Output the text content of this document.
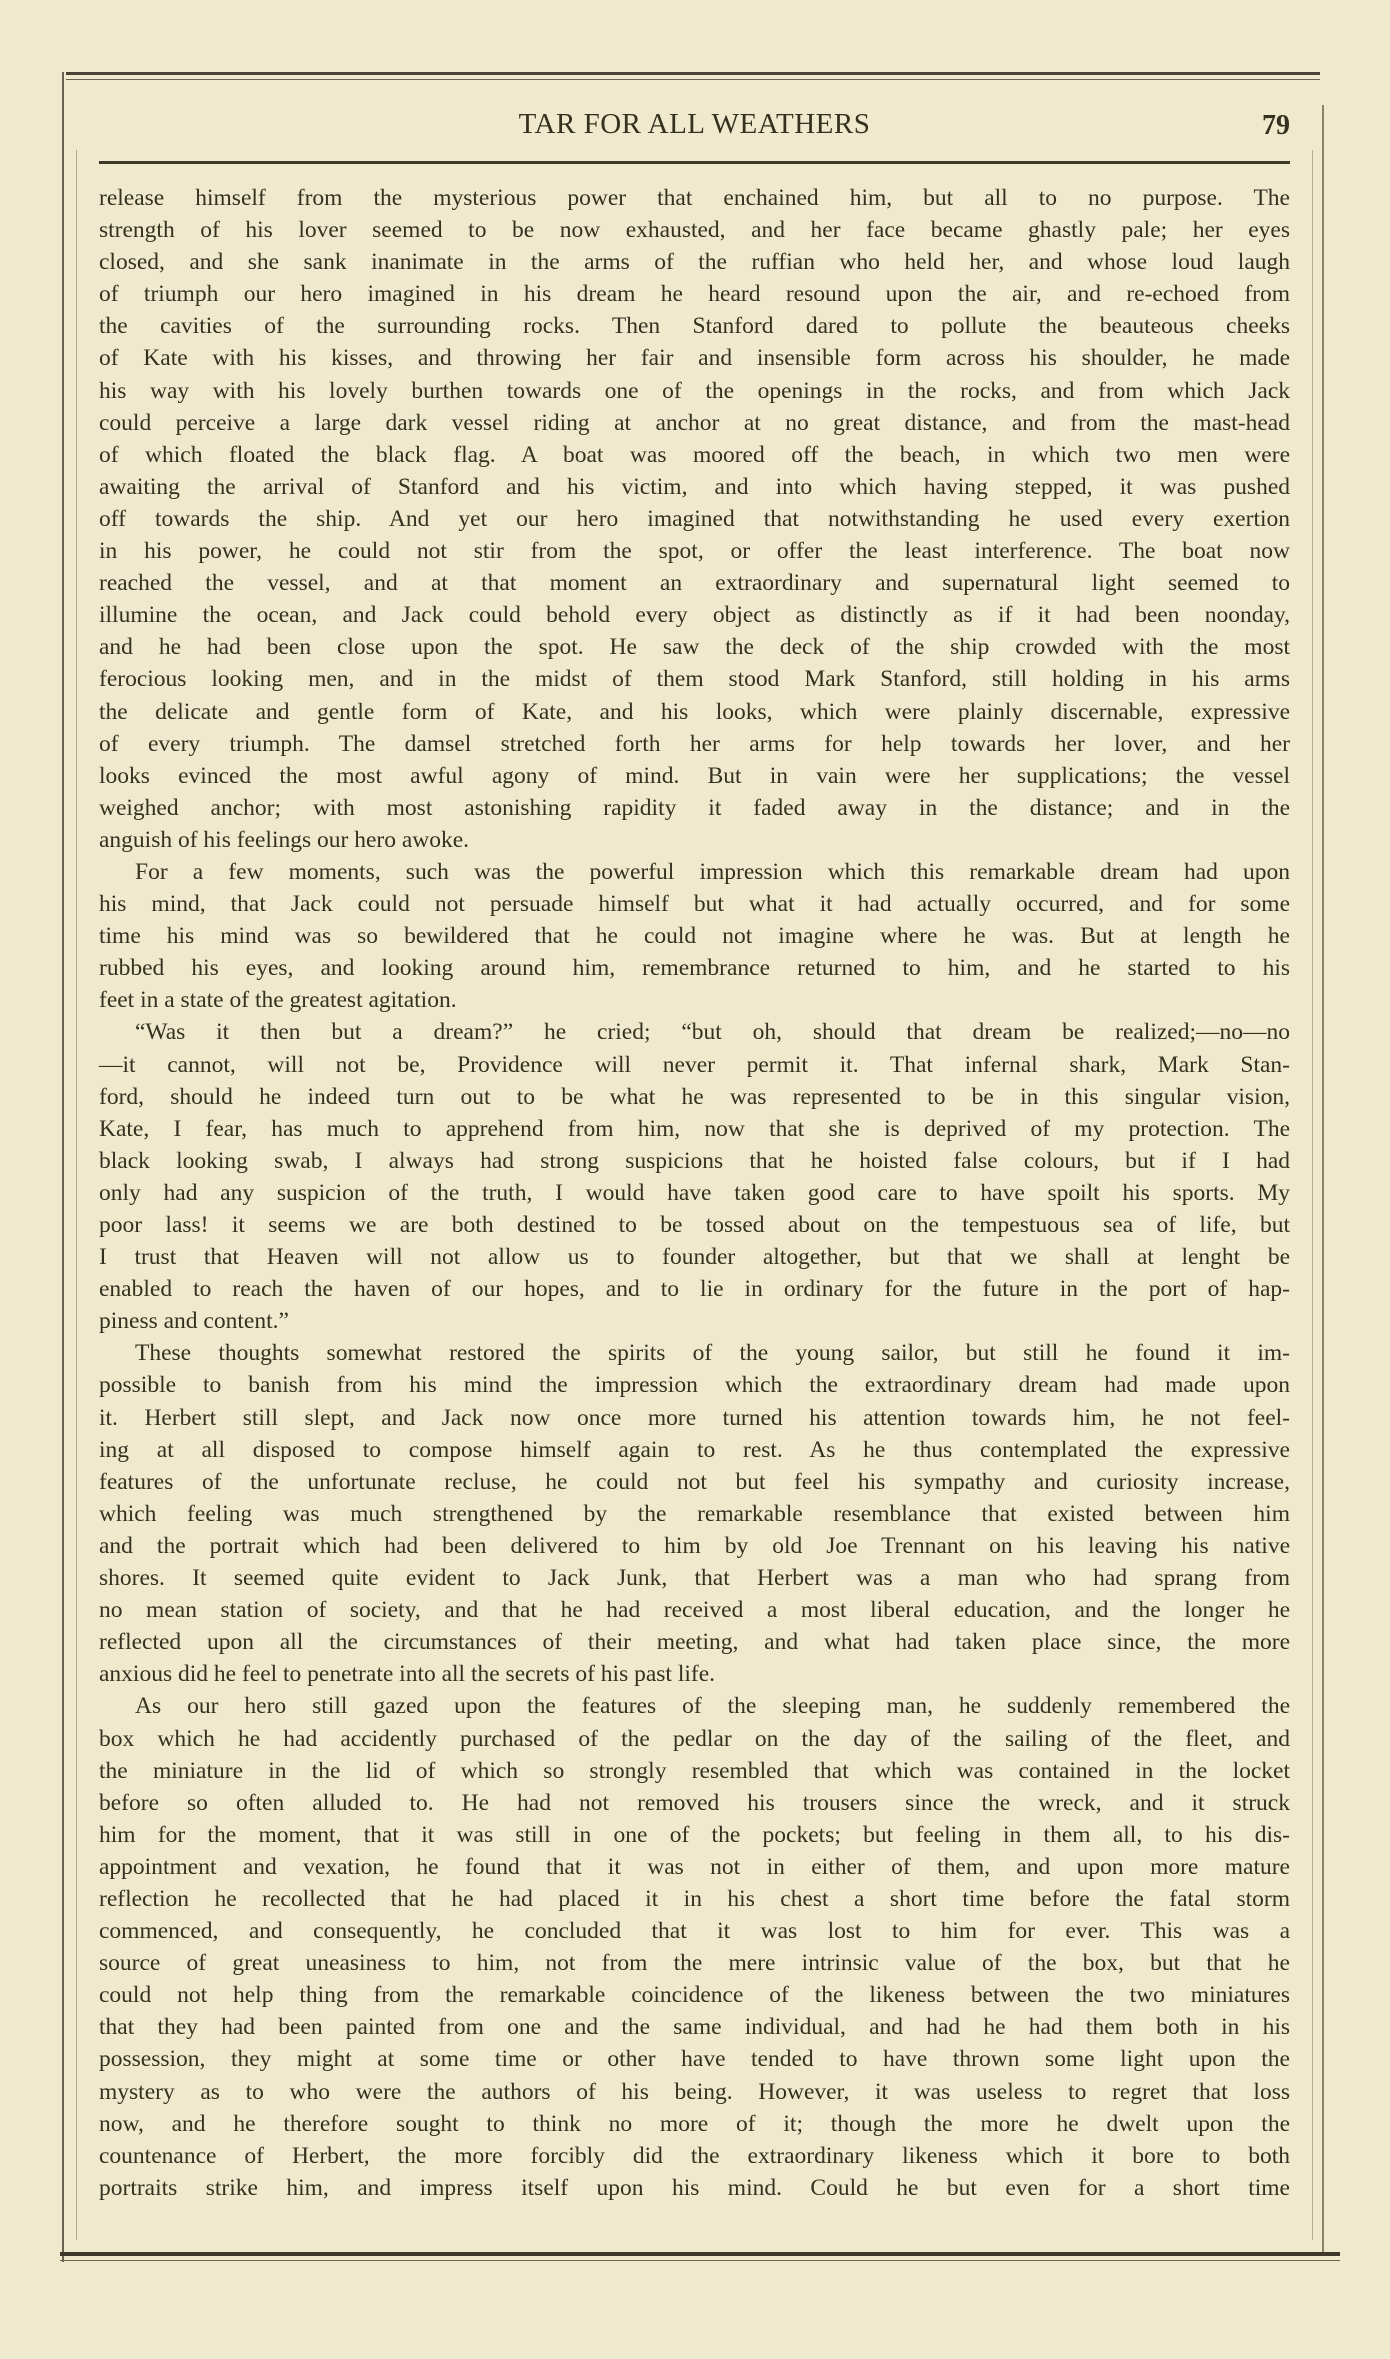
TAR FOR ALL WEATHERS	79
release himself from the mysterious power that enchained him, but all to no purpose. The
strength of his lover seemed to be now exhausted, and her face became ghastly pale; her eyes
closed, and she sank inanimate in the arms of the ruffian who held her, and whose loud laugh
of triumph our hero imagined in his dream he heard resound upon the air, and re-echoed from
the cavities of the surrounding rocks. Then Stanford dared to pollute the beauteous cheeks
of Kate with his kisses, and throwing her fair and insensible form across his shoulder, he made
his way with his lovely burthen towards one of the openings in the rocks, and from which Jack
could perceive a large dark vessel riding at anchor at no great distance, and from the mast-head
of which floated the black flag. A boat was moored off the beach, in which two men were
awaiting the arrival of Stanford and his victim, and into which having stepped, it was pushed
off towards the ship. And yet our hero imagined that notwithstanding he used every exertion
in his power, he could not stir from the spot, or offer the least interference. The boat now
reached the vessel, and at that moment an extraordinary and supernatural light seemed to
illumine the ocean, and Jack could behold every object as distinctly as if it had been noonday,
and he had been close upon the spot. He saw the deck of the ship crowded with the most
ferocious looking men, and in the midst of them stood Mark Stanford, still holding in his arms
the delicate and gentle form of Kate, and his looks, which were plainly discernable, expressive
of every triumph. The damsel stretched forth her arms for help towards her lover, and her
looks evinced the most awful agony of mind. But in vain were her supplications; the vessel
weighed anchor; with most astonishing rapidity it faded away in the distance; and in the
anguish of his feelings our hero awoke.
For a few moments, such was the powerful impression which this remarkable dream had upon
his mind, that Jack could not persuade himself but what it had actually occurred, and for some
time his mind was so bewildered that he could not imagine where he was. But at length he
rubbed his eyes, and looking around him, remembrance returned to him, and he started to his
feet in a state of the greatest agitation.
“Was it then but a dream?” he cried; “but oh, should that dream be realized;—no—no
—it cannot, will not be, Providence will never permit it. That infernal shark, Mark Stan-
ford, should he indeed turn out to be what he was represented to be in this singular vision,
Kate, I fear, has much to apprehend from him, now that she is deprived of my protection. The
black looking swab, I always had strong suspicions that he hoisted false colours, but if I had
only had any suspicion of the truth, I would have taken good care to have spoilt his sports. My
poor lass! it seems we are both destined to be tossed about on the tempestuous sea of life, but
I trust that Heaven will not allow us to founder altogether, but that we shall at lenght be
enabled to reach the haven of our hopes, and to lie in ordinary for the future in the port of hap-
piness and content.”
These thoughts somewhat restored the spirits of the young sailor, but still he found it im-
possible to banish from his mind the impression which the extraordinary dream had made upon
it. Herbert still slept, and Jack now once more turned his attention towards him, he not feel-
ing at all disposed to compose himself again to rest. As he thus contemplated the expressive
features of the unfortunate recluse, he could not but feel his sympathy and curiosity increase,
which feeling was much strengthened by the remarkable resemblance that existed between him
and the portrait which had been delivered to him by old Joe Trennant on his leaving his native
shores. It seemed quite evident to Jack Junk, that Herbert was a man who had sprang from
no mean station of society, and that he had received a most liberal education, and the longer he
reflected upon all the circumstances of their meeting, and what had taken place since, the more
anxious did he feel to penetrate into all the secrets of his past life.
As our hero still gazed upon the features of the sleeping man, he suddenly remembered the
box which he had accidently purchased of the pedlar on the day of the sailing of the fleet, and
the miniature in the lid of which so strongly resembled that which was contained in the locket
before so often alluded to. He had not removed his trousers since the wreck, and it struck
him for the moment, that it was still in one of the pockets; but feeling in them all, to his dis-
appointment and vexation, he found that it was not in either of them, and upon more mature
reflection he recollected that he had placed it in his chest a short time before the fatal storm
commenced, and consequently, he concluded that it was lost to him for ever. This was a
source of great uneasiness to him, not from the mere intrinsic value of the box, but that he
could not help thing from the remarkable coincidence of the likeness between the two miniatures
that they had been painted from one and the same individual, and had he had them both in his
possession, they might at some time or other have tended to have thrown some light upon the
mystery as to who were the authors of his being. However, it was useless to regret that loss
now, and he therefore sought to think no more of it; though the more he dwelt upon the
countenance of Herbert, the more forcibly did the extraordinary likeness which it bore to both
portraits strike him, and impress itself upon his mind. Could he but even for a short time
